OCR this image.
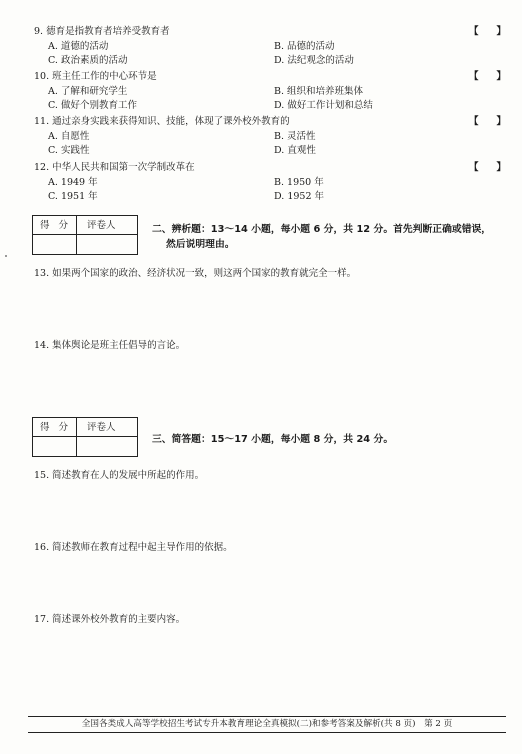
9. 德育是指教育者培养受教育者	【 】
A. 道德的活动	B. 品德的活动
C. 政治素质的活动	D. 法纪观念的活动
10. 班主任工作的中心环节是	【 】
A. 了解和研究学生	B. 组织和培养班集体
C. 做好个别教育工作	D. 做好工作计划和总结
11. 通过亲身实践来获得知识、技能，体现了课外校外教育的	【 】
A. 自愿性	B. 灵活性
C. 实践性	D. 直观性
12. 中华人民共和国第一次学制改革在	【 】
A. 1949 年	B. 1950 年
C. 1951 年	D. 1952 年
得 分 评卷人	二、辨析题：13～14 小题，每小题 6 分，共 12 分。首先判断正确或错误，
然后说明理由。
13. 如果两个国家的政治、经济状况一致，则这两个国家的教育就完全一样。
14. 集体舆论是班主任倡导的言论。
得 分 评卷人
三、简答题：15～17 小题，每小题 8 分，共 24 分。
15. 简述教育在人的发展中所起的作用。
16. 简述教师在教育过程中起主导作用的依据。
17. 简述课外校外教育的主要内容。
全国各类成人高等学校招生考试专升本教育理论全真模拟(二)和参考答案及解析(共 8 页)　第 2 页
